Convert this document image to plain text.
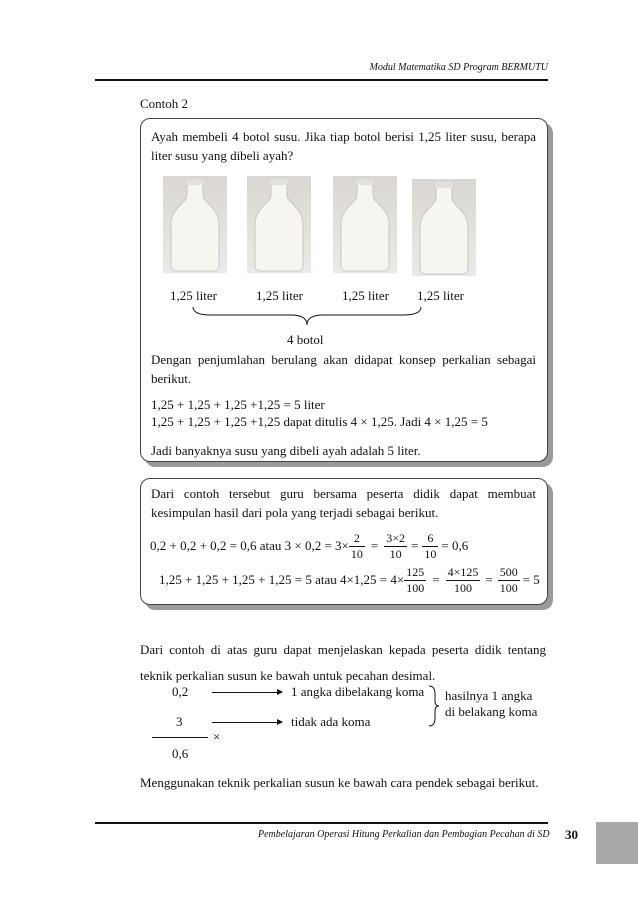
Modul Matematika SD Program BERMUTU
Contoh 2
Ayah membeli 4 botol susu. Jika tiap botol berisi 1,25 liter susu, berapa liter susu yang dibeli ayah?
1,25 liter	1,25 liter	1,25 liter 1,25 liter
4 botol
Dengan penjumlahan berulang akan didapat konsep perkalian sebagai berikut.
1,25 + 1,25 + 1,25 +1,25 = 5 liter
1,25 + 1,25 + 1,25 +1,25 dapat ditulis 4 × 1,25. Jadi 4 × 1,25 = 5
Jadi banyaknya susu yang dibeli ayah adalah 5 liter.
Dari contoh tersebut guru bersama peserta didik dapat membuat kesimpulan hasil dari pola yang terjadi sebagai berikut.
0,2 + 0,2 + 0,2 = 0,6 atau $3 \times 0,2 = 3\times \frac{2}{10} = \frac{3\times 2}{10} = \frac{6}{10} = 0,6$
1,25 + 1,25 + 1,25 + 1,25 = 5 atau $4\times 1,25 = 4\times \frac{125}{100} = \frac{4\times 125}{100} = \frac{500}{100} = 5$
Dari contoh di atas guru dapat menjelaskan kepada peserta didik tentang teknik perkalian susun ke bawah untuk pecahan desimal.
0,2	1 angka dibelakang koma
3	tidak ada koma
hasilnya 1 angka
di belakang koma
×
0,6
Menggunakan teknik perkalian susun ke bawah cara pendek sebagai berikut.
Pembelajaran Operasi Hitung Perkalian dan Pembagian Pecahan di SD 30
